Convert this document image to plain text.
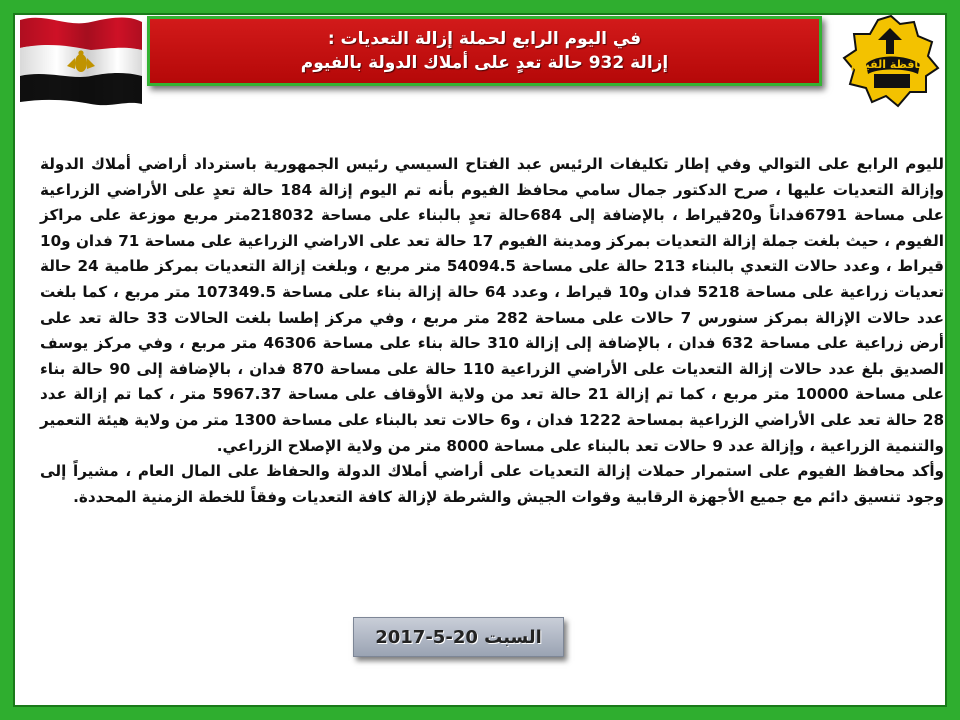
محافظة الفيوم
في اليوم الرابع لحملة إزالة التعديات :
إزالة 932 حالة تعدٍ على أملاك الدولة بالفيوم

لليوم الرابع على التوالي وفي إطار تكليفات الرئيس عبد الفتاح السيسي رئيس الجمهورية باسترداد أراضي أملاك الدولة وإزالة التعديات عليها ، صرح الدكتور جمال سامي محافظ الفيوم بأنه تم اليوم إزالة 184 حالة تعدٍ على الأراضي الزراعية على مساحة 6791فداناً و20قيراط ، بالإضافة إلى 684حالة تعدٍ بالبناء على مساحة 218032متر مربع موزعة على مراكز الفيوم ، حيث بلغت جملة إزالة التعديات بمركز ومدينة الفيوم 17 حالة تعد على الاراضي الزراعية على مساحة 71 فدان و10 قيراط ، وعدد حالات التعدي بالبناء 213 حالة على مساحة 54094.5 متر مربع ، وبلغت إزالة التعديات بمركز طامية 24 حالة تعديات زراعية على مساحة 5218 فدان و10 قيراط ، وعدد 64 حالة إزالة بناء على مساحة 107349.5 متر مربع ، كما بلغت عدد حالات الإزالة بمركز سنورس 7 حالات على مساحة 282 متر مربع ، وفي مركز إطسا بلغت الحالات 33 حالة تعد على أرض زراعية على مساحة 632 فدان ، بالإضافة إلى إزالة 310 حالة بناء على مساحة 46306 متر مربع ، وفي مركز يوسف الصديق بلغ عدد حالات إزالة التعديات على الأراضي الزراعية 110 حالة على مساحة 870 فدان ، بالإضافة إلى 90 حالة بناء على مساحة 10000 متر مربع ، كما تم إزالة 21 حالة تعد من ولاية الأوقاف على مساحة 5967.37 متر ، كما تم إزالة عدد 28 حالة تعد على الأراضي الزراعية بمساحة 1222 فدان ، و6 حالات تعد بالبناء على مساحة 1300 متر من ولاية هيئة التعمير والتنمية الزراعية ، وإزالة عدد 9 حالات تعد بالبناء على مساحة 8000 متر من ولاية الإصلاح الزراعي.

وأكد محافظ الفيوم على استمرار حملات إزالة التعديات على أراضي أملاك الدولة والحفاظ على المال العام ، مشيراً إلى وجود تنسيق دائم مع جميع الأجهزة الرقابية وقوات الجيش والشرطة لإزالة كافة التعديات وفقاً للخطة الزمنية المحددة.

السبت 20-5-2017
